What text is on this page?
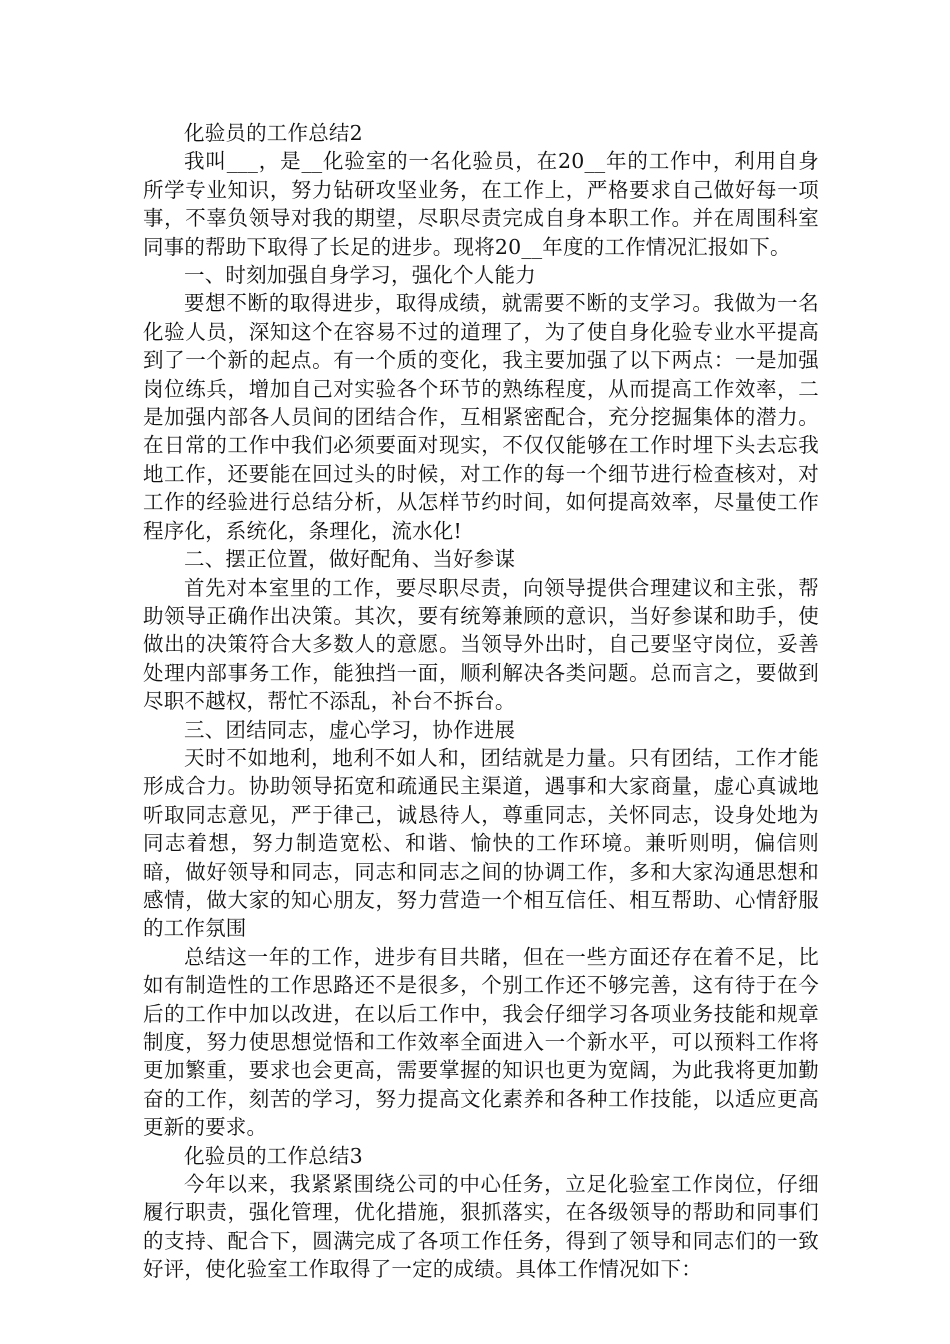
化验员的工作总结2

我叫___，是__化验室的一名化验员，在20__年的工作中，利用自身所学专业知识，努力钻研攻坚业务，在工作上，严格要求自己做好每一项事，不辜负领导对我的期望，尽职尽责完成自身本职工作。并在周围科室同事的帮助下取得了长足的进步。现将20__年度的工作情况汇报如下。

一、时刻加强自身学习，强化个人能力

要想不断的取得进步，取得成绩，就需要不断的支学习。我做为一名化验人员，深知这个在容易不过的道理了，为了使自身化验专业水平提高到了一个新的起点。有一个质的变化，我主要加强了以下两点：一是加强岗位练兵，增加自己对实验各个环节的熟练程度，从而提高工作效率，二是加强内部各人员间的团结合作，互相紧密配合，充分挖掘集体的潜力。在日常的工作中我们必须要面对现实，不仅仅能够在工作时埋下头去忘我地工作，还要能在回过头的时候，对工作的每一个细节进行检查核对，对工作的经验进行总结分析，从怎样节约时间，如何提高效率，尽量使工作程序化，系统化，条理化，流水化!

二、摆正位置，做好配角、当好参谋

首先对本室里的工作，要尽职尽责，向领导提供合理建议和主张，帮助领导正确作出决策。其次，要有统筹兼顾的意识，当好参谋和助手，使做出的决策符合大多数人的意愿。当领导外出时，自己要坚守岗位，妥善处理内部事务工作，能独挡一面，顺利解决各类问题。总而言之，要做到尽职不越权，帮忙不添乱，补台不拆台。

三、团结同志，虚心学习，协作进展

天时不如地利，地利不如人和，团结就是力量。只有团结，工作才能形成合力。协助领导拓宽和疏通民主渠道，遇事和大家商量，虚心真诚地听取同志意见，严于律己，诚恳待人，尊重同志，关怀同志，设身处地为同志着想，努力制造宽松、和谐、愉快的工作环境。兼听则明，偏信则暗，做好领导和同志，同志和同志之间的协调工作，多和大家沟通思想和感情，做大家的知心朋友，努力营造一个相互信任、相互帮助、心情舒服的工作氛围

总结这一年的工作，进步有目共睹，但在一些方面还存在着不足，比如有制造性的工作思路还不是很多，个别工作还不够完善，这有待于在今后的工作中加以改进，在以后工作中，我会仔细学习各项业务技能和规章制度，努力使思想觉悟和工作效率全面进入一个新水平，可以预料工作将更加繁重，要求也会更高，需要掌握的知识也更为宽阔，为此我将更加勤奋的工作，刻苦的学习，努力提高文化素养和各种工作技能，以适应更高更新的要求。

化验员的工作总结3

今年以来，我紧紧围绕公司的中心任务，立足化验室工作岗位，仔细履行职责，强化管理，优化措施，狠抓落实，在各级领导的帮助和同事们的支持、配合下，圆满完成了各项工作任务，得到了领导和同志们的一致好评，使化验室工作取得了一定的成绩。具体工作情况如下：
